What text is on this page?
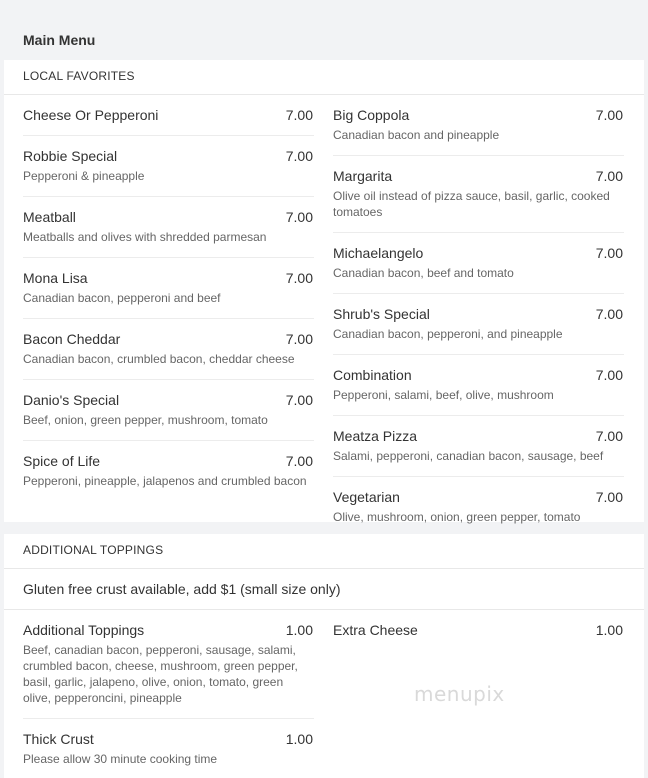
Main Menu
LOCAL FAVORITES
Cheese Or Pepperoni	7.00
Robbie Special	7.00
Pepperoni & pineapple
Meatball	7.00
Meatballs and olives with shredded parmesan
Mona Lisa	7.00
Canadian bacon, pepperoni and beef
Bacon Cheddar	7.00
Canadian bacon, crumbled bacon, cheddar cheese
Danio's Special	7.00
Beef, onion, green pepper, mushroom, tomato
Spice of Life	7.00
Pepperoni, pineapple, jalapenos and crumbled bacon
Big Coppola	7.00
Canadian bacon and pineapple
Margarita	7.00
Olive oil instead of pizza sauce, basil, garlic, cooked tomatoes
Michaelangelo	7.00
Canadian bacon, beef and tomato
Shrub's Special	7.00
Canadian bacon, pepperoni, and pineapple
Combination	7.00
Pepperoni, salami, beef, olive, mushroom
Meatza Pizza	7.00
Salami, pepperoni, canadian bacon, sausage, beef
Vegetarian	7.00
Olive, mushroom, onion, green pepper, tomato
ADDITIONAL TOPPINGS
Gluten free crust available, add $1 (small size only)
Additional Toppings	1.00
Beef, canadian bacon, pepperoni, sausage, salami, crumbled bacon, cheese, mushroom, green pepper, basil, garlic, jalapeno, olive, onion, tomato, green olive, pepperoncini, pineapple
Thick Crust	1.00
Please allow 30 minute cooking time
Extra Cheese	1.00
menupix
